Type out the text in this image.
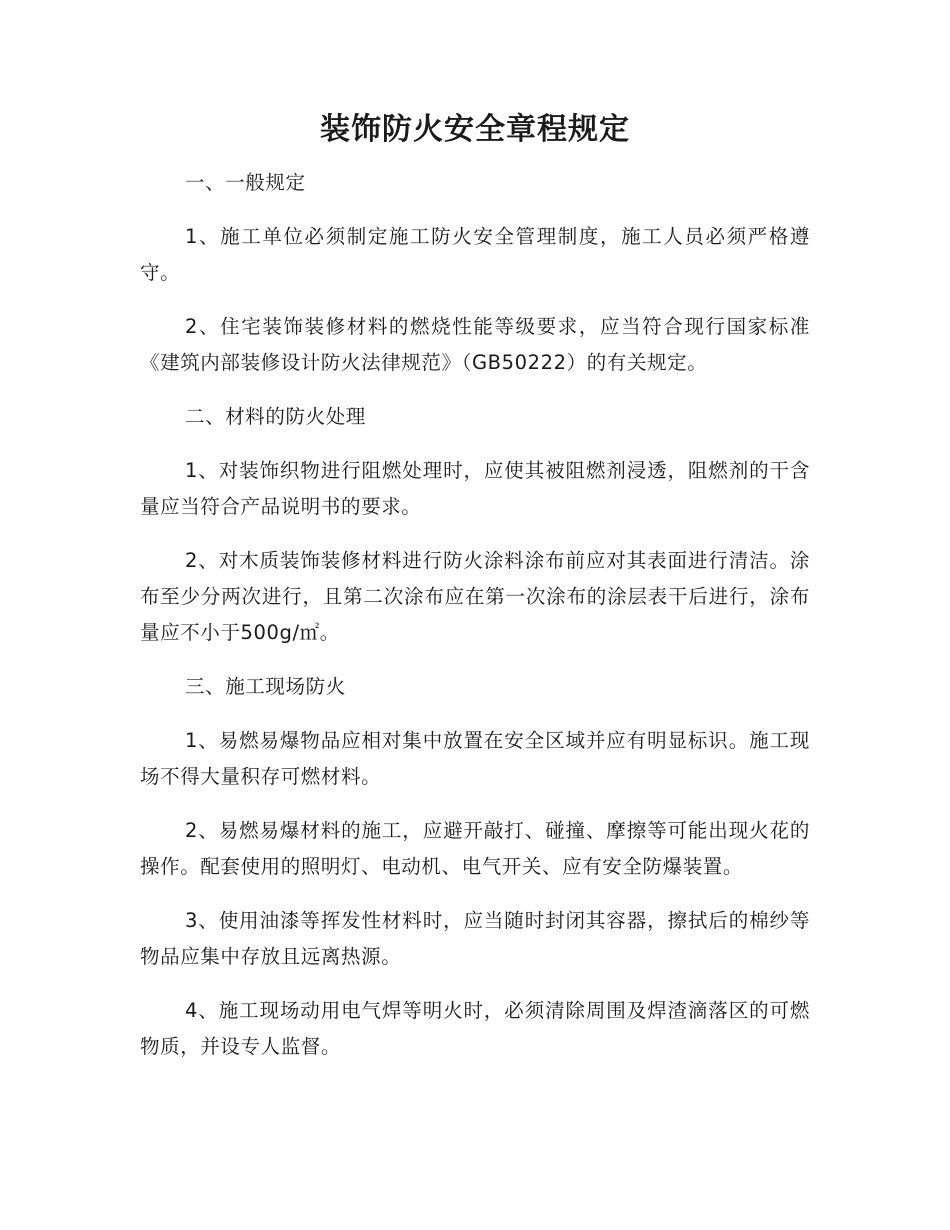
装饰防火安全章程规定

一、一般规定

1、施工单位必须制定施工防火安全管理制度，施工人员必须严格遵守。

2、住宅装饰装修材料的燃烧性能等级要求，应当符合现行国家标准《建筑内部装修设计防火法律规范》（GB50222）的有关规定。

二、材料的防火处理

1、对装饰织物进行阻燃处理时，应使其被阻燃剂浸透，阻燃剂的干含量应当符合产品说明书的要求。

2、对木质装饰装修材料进行防火涂料涂布前应对其表面进行清洁。涂布至少分两次进行，且第二次涂布应在第一次涂布的涂层表干后进行，涂布量应不小于500g/㎡。

三、施工现场防火

1、易燃易爆物品应相对集中放置在安全区域并应有明显标识。施工现场不得大量积存可燃材料。

2、易燃易爆材料的施工，应避开敲打、碰撞、摩擦等可能出现火花的操作。配套使用的照明灯、电动机、电气开关、应有安全防爆装置。

3、使用油漆等挥发性材料时，应当随时封闭其容器，擦拭后的棉纱等物品应集中存放且远离热源。

4、施工现场动用电气焊等明火时，必须清除周围及焊渣滴落区的可燃物质，并设专人监督。
